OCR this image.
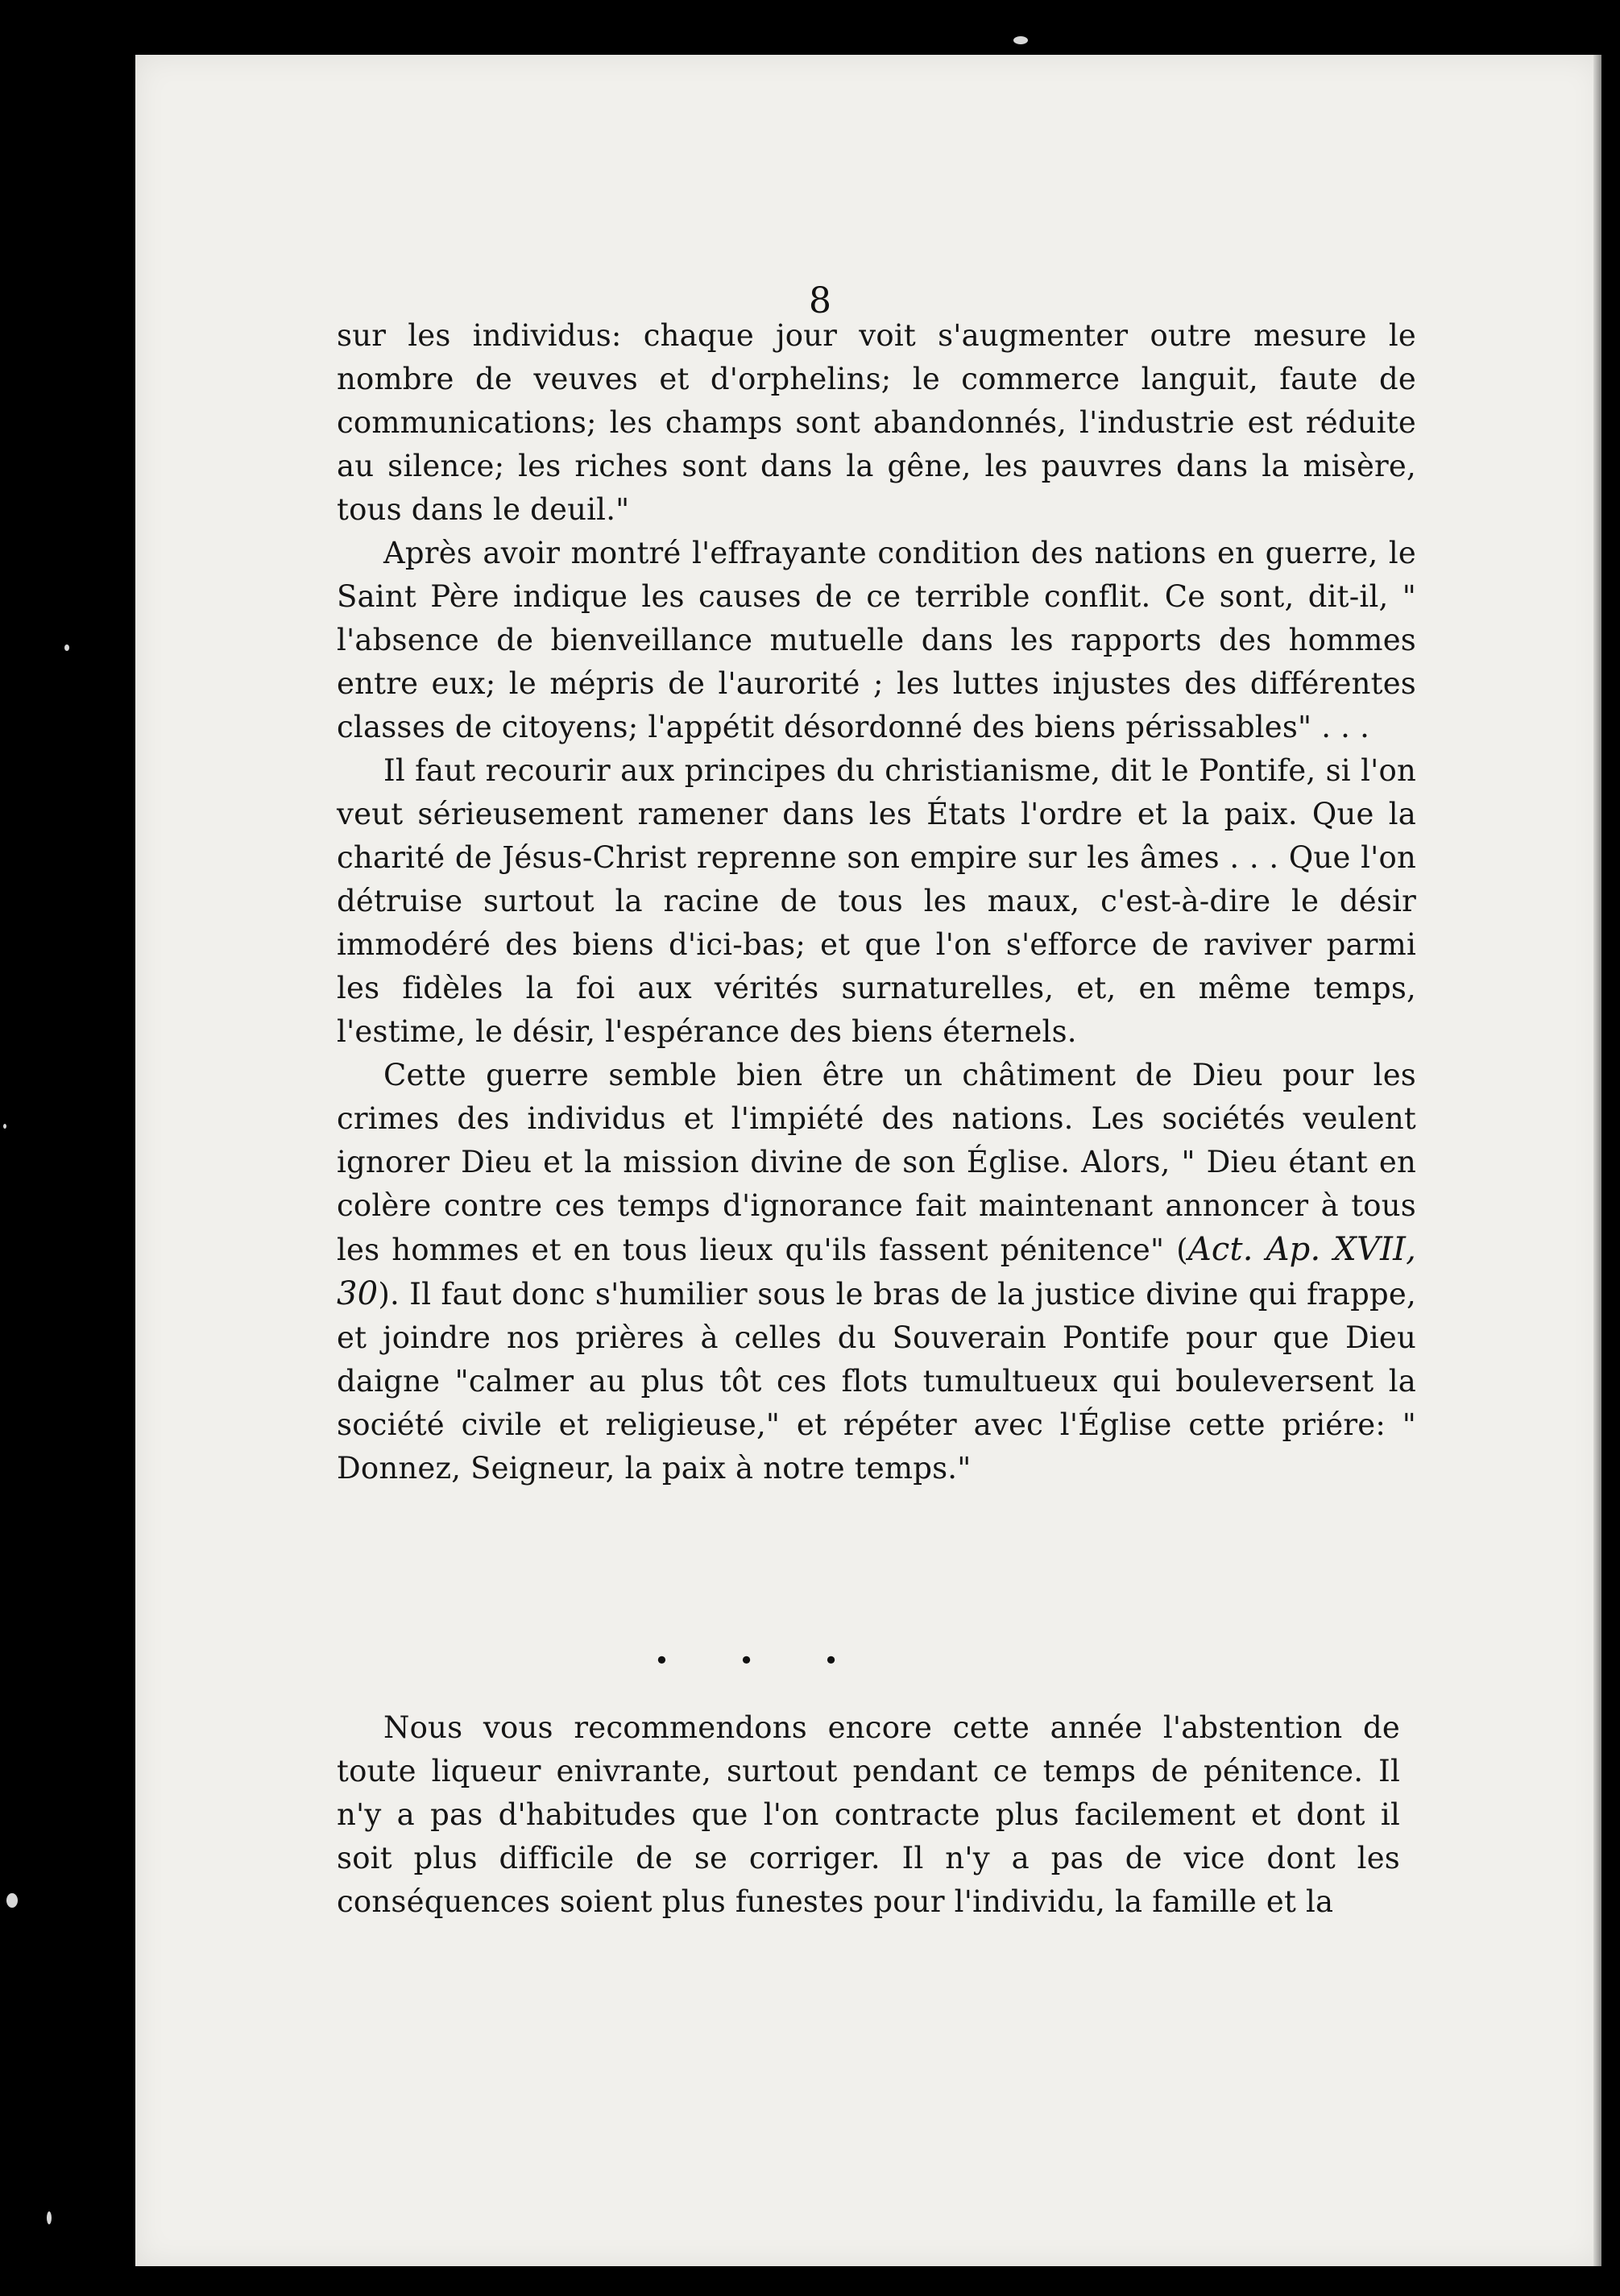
8

sur les individus: chaque jour voit s'augmenter outre mesure le nombre de veuves et d'orphelins; le commerce languit, faute de communications; les champs sont abandonnés, l'industrie est réduite au silence; les riches sont dans la gêne, les pauvres dans la misère, tous dans le deuil."

Après avoir montré l'effrayante condition des nations en guerre, le Saint Père indique les causes de ce terrible conflit. Ce sont, dit-il, " l'absence de bienveillance mutuelle dans les rapports des hommes entre eux; le mépris de l'aurorité ; les luttes injustes des différentes classes de citoyens; l'appétit désordonné des biens périssables" . . .

Il faut recourir aux principes du christianisme, dit le Pontife, si l'on veut sérieusement ramener dans les États l'ordre et la paix. Que la charité de Jésus-Christ reprenne son empire sur les âmes . . . Que l'on détruise surtout la racine de tous les maux, c'est-à-dire le désir immodéré des biens d'ici-bas; et que l'on s'efforce de raviver parmi les fidèles la foi aux vérités surnaturelles, et, en même temps, l'estime, le désir, l'espérance des biens éternels.

Cette guerre semble bien être un châtiment de Dieu pour les crimes des individus et l'impiété des nations. Les sociétés veulent ignorer Dieu et la mission divine de son Église. Alors, " Dieu étant en colère contre ces temps d'ignorance fait maintenant annoncer à tous les hommes et en tous lieux qu'ils fassent pénitence" (Act. Ap. XVII, 30). Il faut donc s'humilier sous le bras de la justice divine qui frappe, et joindre nos prières à celles du Souverain Pontife pour que Dieu daigne "calmer au plus tôt ces flots tumultueux qui bouleversent la société civile et religieuse," et répéter avec l'Église cette priére: " Donnez, Seigneur, la paix à notre temps."

• • •

Nous vous recommendons encore cette année l'abstention de toute liqueur enivrante, surtout pendant ce temps de pénitence. Il n'y a pas d'habitudes que l'on contracte plus facilement et dont il soit plus difficile de se corriger. Il n'y a pas de vice dont les conséquences soient plus funestes pour l'individu, la famille et la
